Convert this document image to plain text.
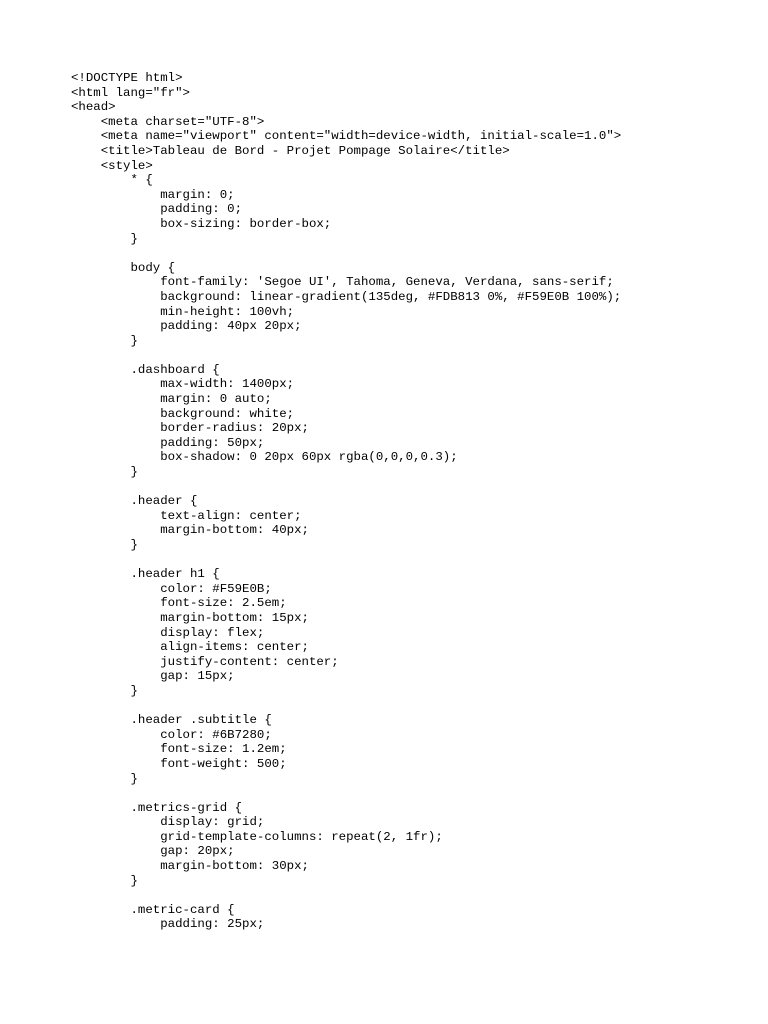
<!DOCTYPE html>
<html lang="fr">
<head>
<meta charset="UTF-8">
<meta name="viewport" content="width=device-width, initial-scale=1.0">
<title>Tableau de Bord - Projet Pompage Solaire</title>
<style>
* {
margin: 0;
padding: 0;
box-sizing: border-box;
}
body {
font-family: 'Segoe UI', Tahoma, Geneva, Verdana, sans-serif;
background: linear-gradient(135deg, #FDB813 0%, #F59E0B 100%);
min-height: 100vh;
padding: 40px 20px;
}
.dashboard {
max-width: 1400px;
margin: 0 auto;
background: white;
border-radius: 20px;
padding: 50px;
box-shadow: 0 20px 60px rgba(0,0,0,0.3);
}
.header {
text-align: center;
margin-bottom: 40px;
}
.header h1 {
color: #F59E0B;
font-size: 2.5em;
margin-bottom: 15px;
display: flex;
align-items: center;
justify-content: center;
gap: 15px;
}
.header .subtitle {
color: #6B7280;
font-size: 1.2em;
font-weight: 500;
}
.metrics-grid {
display: grid;
grid-template-columns: repeat(2, 1fr);
gap: 20px;
margin-bottom: 30px;
}
.metric-card {
padding: 25px;
